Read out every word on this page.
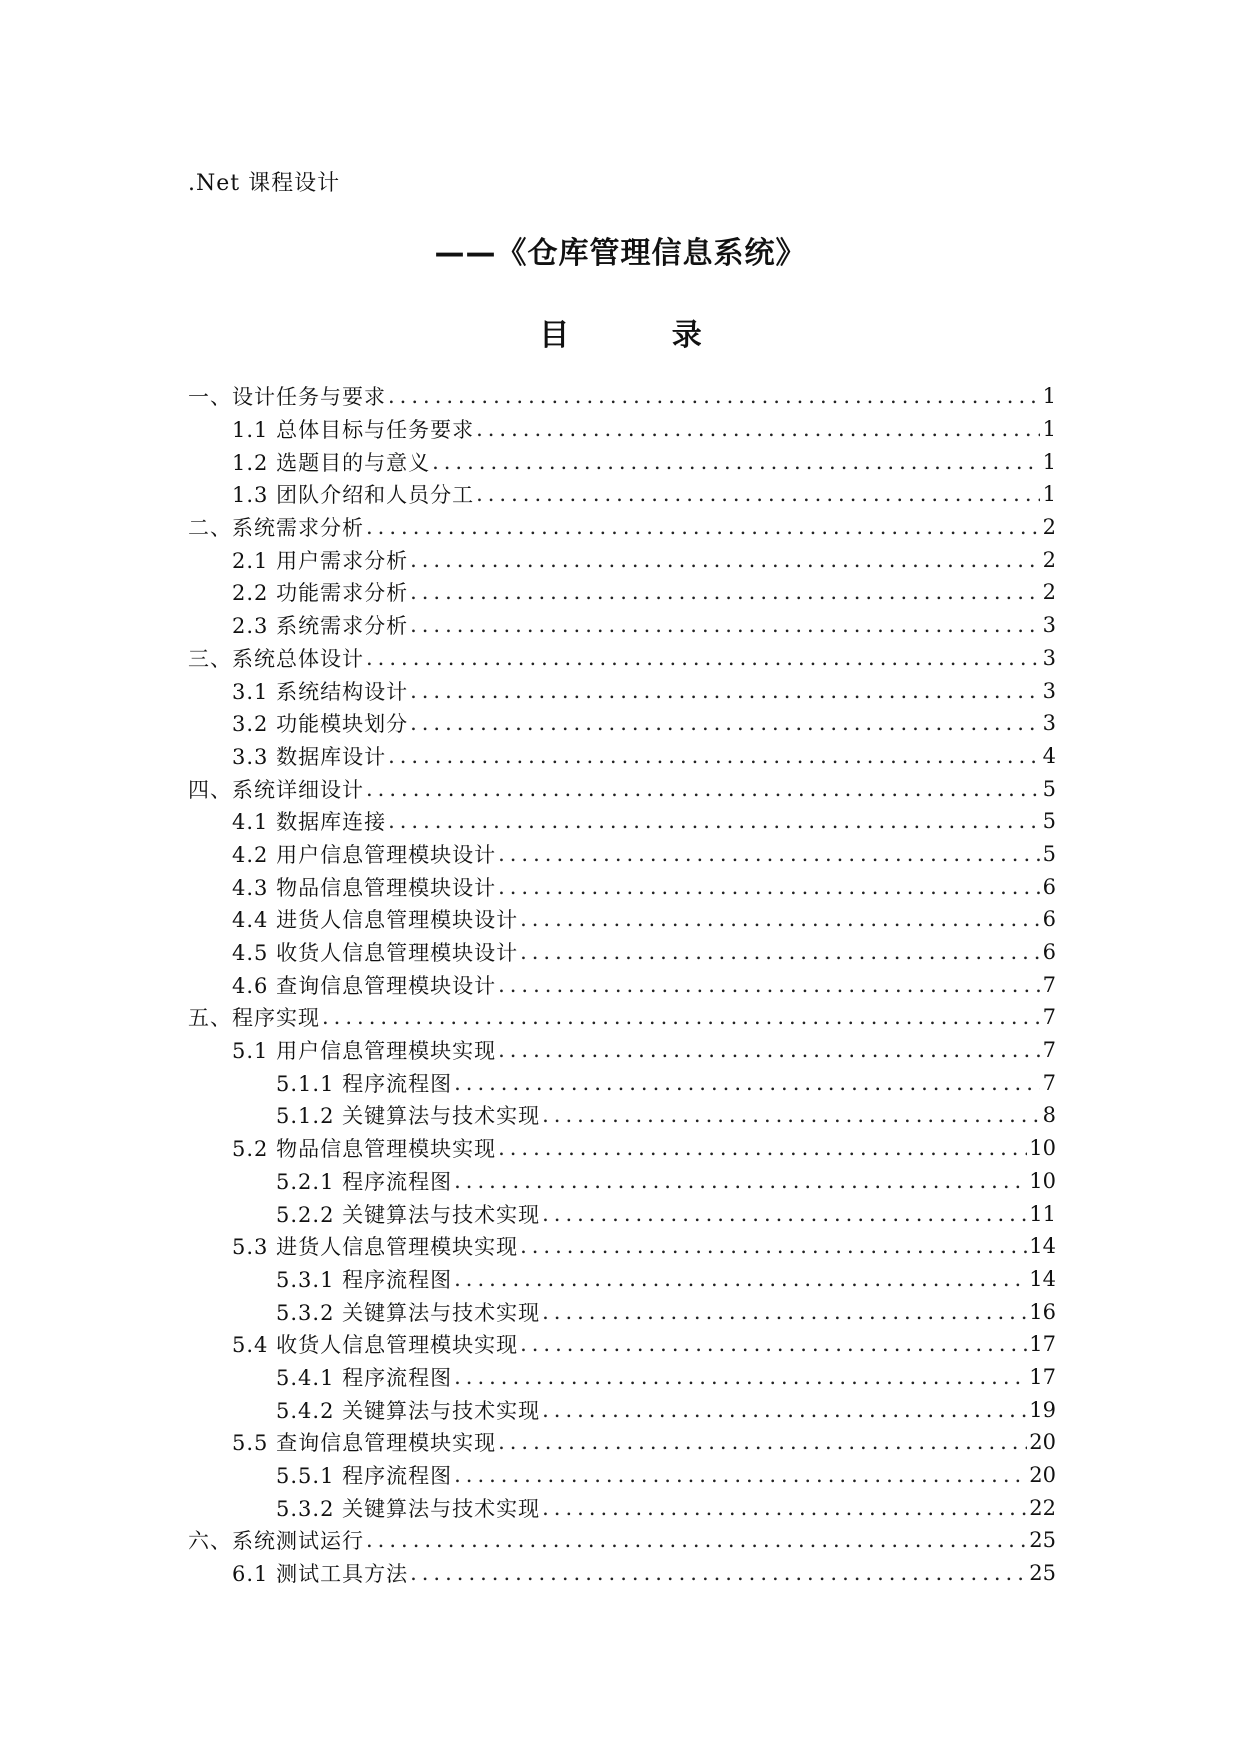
.Net 课程设计
——《仓库管理信息系统》
目 录
一、设计任务与要求 .....	1
1.1 总体目标与任务要求 .....	1
1.2 选题目的与意义 .....	1
1.3 团队介绍和人员分工 .....	1
二、系统需求分析 .....	2
2.1 用户需求分析 .....	2
2.2 功能需求分析 .....	2
2.3 系统需求分析 .....	3
三、系统总体设计 .....	3
3.1 系统结构设计 .....	3
3.2 功能模块划分 .....	3
3.3 数据库设计 .....	4
四、系统详细设计 .....	5
4.1 数据库连接 .....	5
4.2 用户信息管理模块设计 .....	5
4.3 物品信息管理模块设计 .....	6
4.4 进货人信息管理模块设计 .....	6
4.5 收货人信息管理模块设计 .....	6
4.6 查询信息管理模块设计 .....	7
五、程序实现 .....	7
5.1 用户信息管理模块实现 .....	7
5.1.1 程序流程图 .....	7
5.1.2 关键算法与技术实现 .....	8
5.2 物品信息管理模块实现 .....	10
5.2.1 程序流程图 .....	10
5.2.2 关键算法与技术实现 .....	11
5.3 进货人信息管理模块实现 .....	14
5.3.1 程序流程图 .....	14
5.3.2 关键算法与技术实现 .....	16
5.4 收货人信息管理模块实现 .....	17
5.4.1 程序流程图 .....	17
5.4.2 关键算法与技术实现 .....	19
5.5 查询信息管理模块实现 .....	20
5.5.1 程序流程图 .....	20
5.3.2 关键算法与技术实现 .....	22
六、系统测试运行 .....	25
6.1 测试工具方法 .....	25
